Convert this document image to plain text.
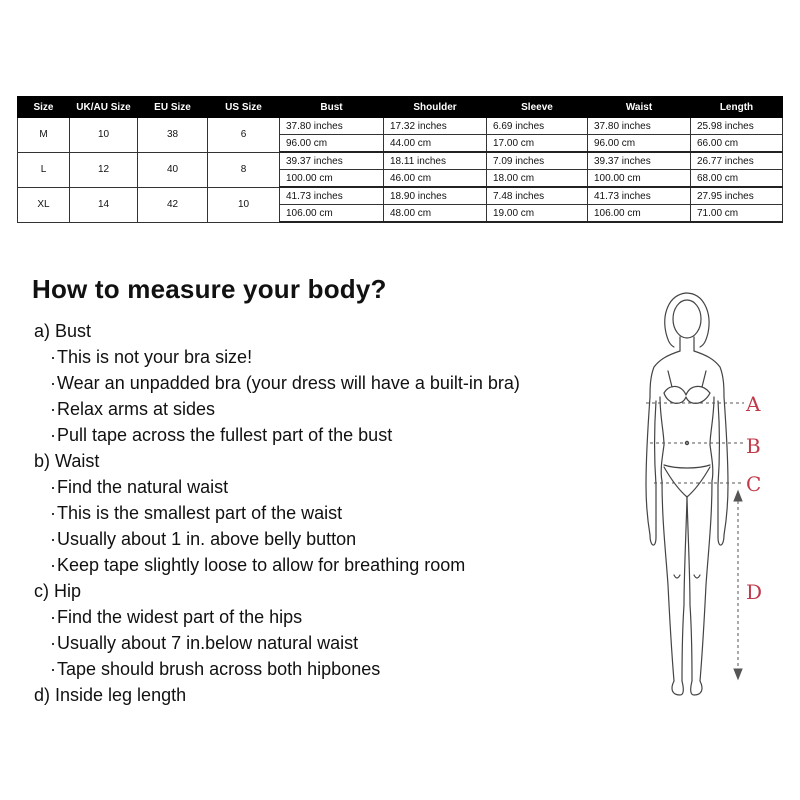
Size	UK/AU Size	EU Size	US Size	Bust	Shoulder	Sleeve	Waist	Length
M	10	38	6	37.80 inches	17.32 inches	6.69 inches	37.80 inches	25.98 inches
				96.00 cm	44.00 cm	17.00 cm	96.00 cm	66.00 cm
L	12	40	8	39.37 inches	18.11 inches	7.09 inches	39.37 inches	26.77 inches
				100.00 cm	46.00 cm	18.00 cm	100.00 cm	68.00 cm
XL	14	42	10	41.73 inches	18.90 inches	7.48 inches	41.73 inches	27.95 inches
				106.00 cm	48.00 cm	19.00 cm	106.00 cm	71.00 cm
How to measure your body?

a) Bust

·This is not your bra size!

·Wear an unpadded bra (your dress will have a built-in bra)

·Relax arms at sides

·Pull tape across the fullest part of the bust

b) Waist

·Find the natural waist

·This is the smallest part of the waist

·Usually about 1 in. above belly button

·Keep tape slightly loose to allow for breathing room

c) Hip

·Find the widest part of the hips

·Usually about 7 in.below natural waist

·Tape should brush across both hipbones

d) Inside leg length

A
B
C
D
